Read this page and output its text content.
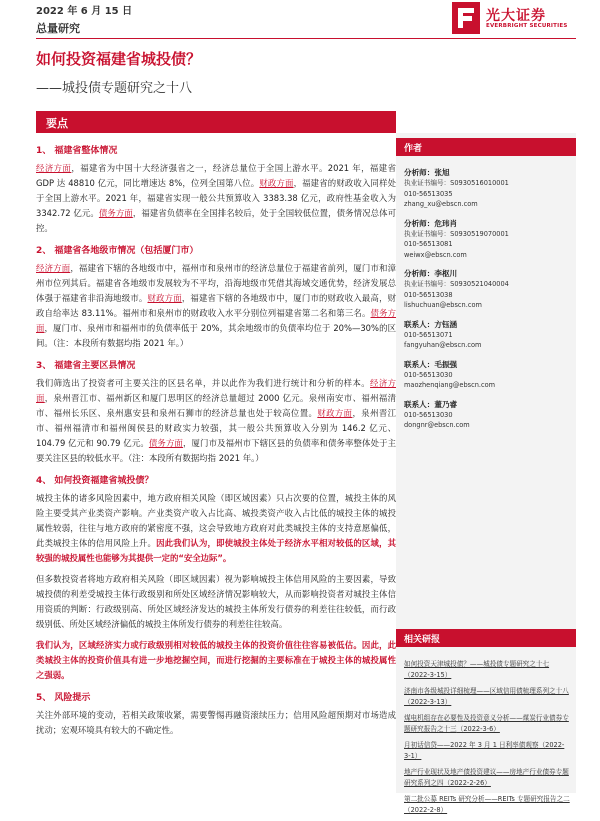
2022 年 6 月 15 日
总量研究
光大证券
EVERBRIGHT SECURITIES
如何投资福建省城投债？
——城投债专题研究之十八
要点
1、 福建省整体情况
经济方面，福建省为中国十大经济强省之一，经济总量位于全国上游水平。2021 年，福建省 GDP 达 48810 亿元，同比增速达 8%，位列全国第八位。财政方面，福建省的财政收入同样处于全国上游水平。2021 年，福建省实现一般公共预算收入 3383.38 亿元，政府性基金收入为 3342.72 亿元。债务方面，福建省负债率在全国排名较后，处于全国较低位置，债务情况总体可控。
2、 福建省各地级市情况（包括厦门市）
经济方面，福建省下辖的各地级市中，福州市和泉州市的经济总量位于福建省前列，厦门市和漳州市位列其后。福建省各地级市发展较为不平均，沿海地级市凭借其海域交通优势，经济发展总体强于福建省非沿海地级市。财政方面，福建省下辖的各地级市中，厦门市的财政收入最高，财政自给率达 83.11%。福州市和泉州市的财政收入水平分别位列福建省第二名和第三名。债务方面，厦门市、泉州市和福州市的负债率低于 20%，其余地级市的负债率均位于 20%—30%的区间。（注：本段所有数据均指 2021 年。）
3、 福建省主要区县情况
我们筛选出了投资者可主要关注的区县名单，并以此作为我们进行统计和分析的样本。经济方面，泉州晋江市、福州新区和厦门思明区的经济总量超过 2000 亿元。泉州南安市、福州福清市、福州长乐区、泉州惠安县和泉州石狮市的经济总量也处于较高位置。财政方面，泉州晋江市、福州福清市和福州闽侯县的财政实力较强，其一般公共预算收入分别为 146.2 亿元、104.79 亿元和 90.79 亿元。债务方面，厦门市及福州市下辖区县的负债率和债务率整体处于主要关注区县的较低水平。（注：本段所有数据均指 2021 年。）
4、 如何投资福建省城投债？
城投主体的诸多风险因素中，地方政府相关风险（即区域因素）只占次要的位置，城投主体的风险主要受其产业类资产影响。产业类资产收入占比高、城投类资产收入占比低的城投主体的城投属性较弱，往往与地方政府的紧密度不强，这会导致地方政府对此类城投主体的支持意愿偏低，此类城投主体的信用风险上升。因此我们认为，即使城投主体处于经济水平相对较低的区域，其较强的城投属性也能够为其提供一定的“安全边际”。
但多数投资者将地方政府相关风险（即区域因素）视为影响城投主体信用风险的主要因素，导致城投债的利差受城投主体行政级别和所处区域经济情况影响较大，从而影响投资者对城投主体信用资质的判断：行政级别高、所处区域经济发达的城投主体所发行债券的利差往往较低，而行政级别低、所处区域经济偏低的城投主体所发行债券的利差往往较高。
我们认为，区域经济实力或行政级别相对较低的城投主体的投资价值往往容易被低估。因此，此类城投主体的投资价值具有进一步地挖掘空间，而进行挖掘的主要标准在于城投主体的城投属性之强弱。
5、 风险提示
关注外部环境的变动，若相关政策收紧，需要警惕再融资滚续压力；信用风险超预期对市场造成扰动；宏观环境具有较大的不确定性。
作者
分析师：张旭
执业证书编号：S0930516010001
010-56513035
zhang_xu@ebscn.com
分析师：危玮肖
执业证书编号：S0930519070001
010-56513081
weiwx@ebscn.com
分析师：李枢川
执业证书编号：S0930521040004
010-56513038
lishuchuan@ebscn.com
联系人：方钰涵
010-56513071
fangyuhan@ebscn.com
联系人：毛振强
010-56513030
maozhenqiang@ebscn.com
联系人：董乃睿
010-56513030
dongnr@ebscn.com
相关研报
如何投资天津城投债？——城投债专题研究之十七（2022-3-15）
济南市各级城投详细梳理——区域信用债梳理系列之十八（2022-3-13）
煤电机组存在必要性及投资意义分析——煤炭行业债券专题研究报告之十三（2022-3-6）
月初话信贷——2022 年 3 月 1 日利率债观察（2022-3-1）
地产行业现状及地产债投资建议——房地产行业债券专题研究系列之四（2022-2-26）
第二批公募 REITs 研究分析——REITs 专题研究报告之二（2022-2-8）
